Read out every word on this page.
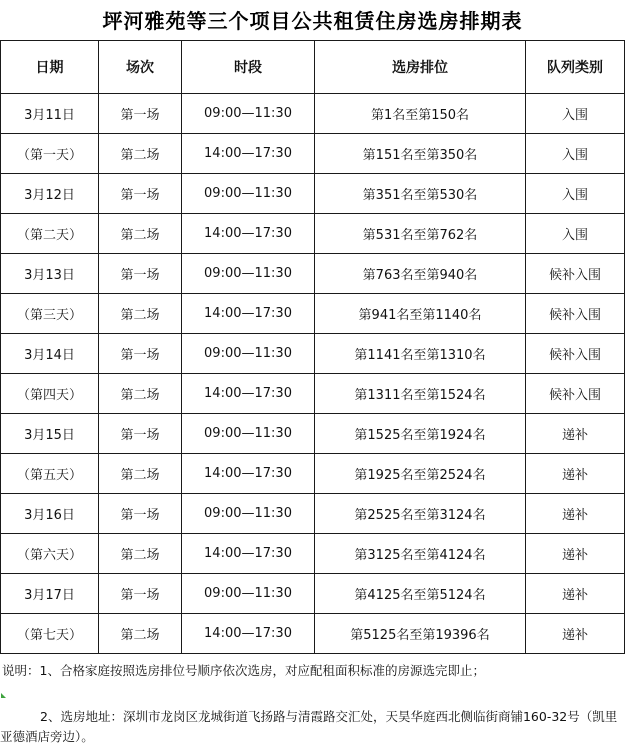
坪河雅苑等三个项目公共租赁住房选房排期表
日期	场次	时段	选房排位	队列类别
3月11日	第一场	09:00—11:30	第1名至第150名	入围
（第一天）	第二场	14:00—17:30	第151名至第350名	入围
3月12日	第一场	09:00—11:30	第351名至第530名	入围
（第二天）	第二场	14:00—17:30	第531名至第762名	入围
3月13日	第一场	09:00—11:30	第763名至第940名	候补入围
（第三天）	第二场	14:00—17:30	第941名至第1140名	候补入围
3月14日	第一场	09:00—11:30	第1141名至第1310名	候补入围
（第四天）	第二场	14:00—17:30	第1311名至第1524名	候补入围
3月15日	第一场	09:00—11:30	第1525名至第1924名	递补
（第五天）	第二场	14:00—17:30	第1925名至第2524名	递补
3月16日	第一场	09:00—11:30	第2525名至第3124名	递补
（第六天）	第二场	14:00—17:30	第3125名至第4124名	递补
3月17日	第一场	09:00—11:30	第4125名至第5124名	递补
（第七天）	第二场	14:00—17:30	第5125名至第19396名	递补
说明：1、合格家庭按照选房排位号顺序依次选房，对应配租面积标准的房源选完即止；
2、选房地址：深圳市龙岗区龙城街道飞扬路与清霞路交汇处，天昊华庭西北侧临街商铺160-32号（凯里亚德酒店旁边）。
